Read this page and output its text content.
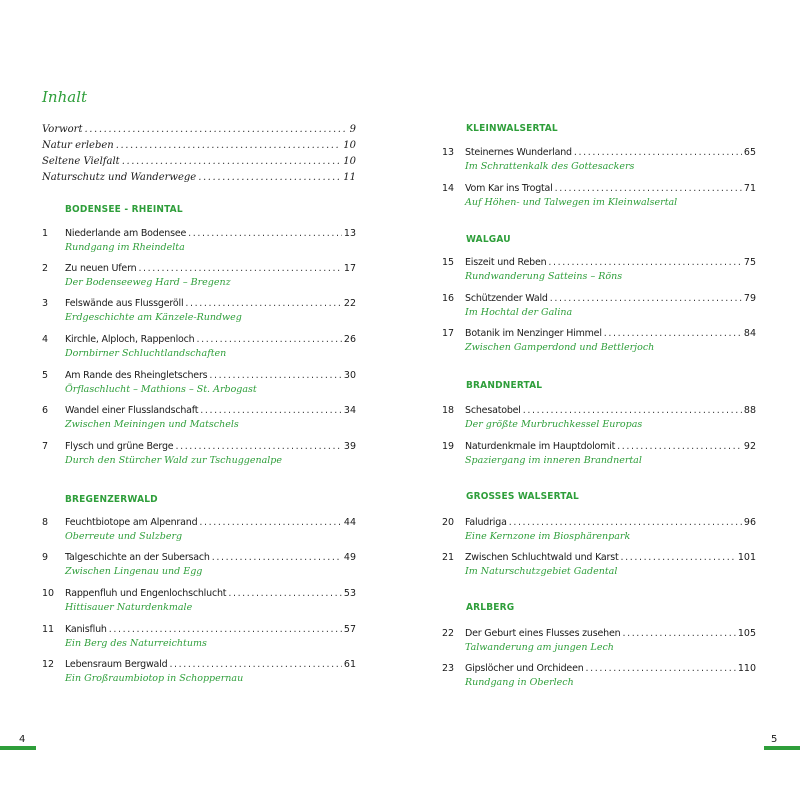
Inhalt
Vorwort .....	9
Natur erleben .....	10
Seltene Vielfalt .....	10
Naturschutz und Wanderwege .....	11
BODENSEE - RHEINTAL
1 Niederlande am Bodensee .....	13
Rundgang im Rheindelta
2 Zu neuen Ufern .....	17
Der Bodenseeweg Hard – Bregenz
3 Felswände aus Flussgeröll .....	22
Erdgeschichte am Känzele-Rundweg
4 Kirchle, Alploch, Rappenloch .....	26
Dornbirner Schluchtlandschaften
5 Am Rande des Rheingletschers .....	30
Örflaschlucht – Mathions – St. Arbogast
6 Wandel einer Flusslandschaft .....	34
Zwischen Meiningen und Matschels
7 Flysch und grüne Berge .....	39
Durch den Stürcher Wald zur Tschuggenalpe
BREGENZERWALD
8 Feuchtbiotope am Alpenrand .....	44
Oberreute und Sulzberg
9 Talgeschichte an der Subersach .....	49
Zwischen Lingenau und Egg
10 Rappenfluh und Engenlochschlucht .....	53
Hittisauer Naturdenkmale
11 Kanisfluh .....	57
Ein Berg des Naturreichtums
12 Lebensraum Bergwald .....	61
Ein Großraumbiotop in Schoppernau
4
KLEINWALSERTAL
13 Steinernes Wunderland .....	65
Im Schrattenkalk des Gottesackers
14 Vom Kar ins Trogtal .....	71
Auf Höhen- und Talwegen im Kleinwalsertal
WALGAU
15 Eiszeit und Reben .....	75
Rundwanderung Satteins – Röns
16 Schützender Wald .....	79
Im Hochtal der Galina
17 Botanik im Nenzinger Himmel .....	84
Zwischen Gamperdond und Bettlerjoch
BRANDNERTAL
18 Schesatobel .....	88
Der größte Murbruchkessel Europas
19 Naturdenkmale im Hauptdolomit .....	92
Spaziergang im inneren Brandnertal
GROSSES WALSERTAL
20 Faludriga .....	96
Eine Kernzone im Biosphärenpark
21 Zwischen Schluchtwald und Karst .....	101
Im Naturschutzgebiet Gadental
ARLBERG
22 Der Geburt eines Flusses zusehen .....	105
Talwanderung am jungen Lech
23 Gipslöcher und Orchideen .....	110
Rundgang in Oberlech
5
